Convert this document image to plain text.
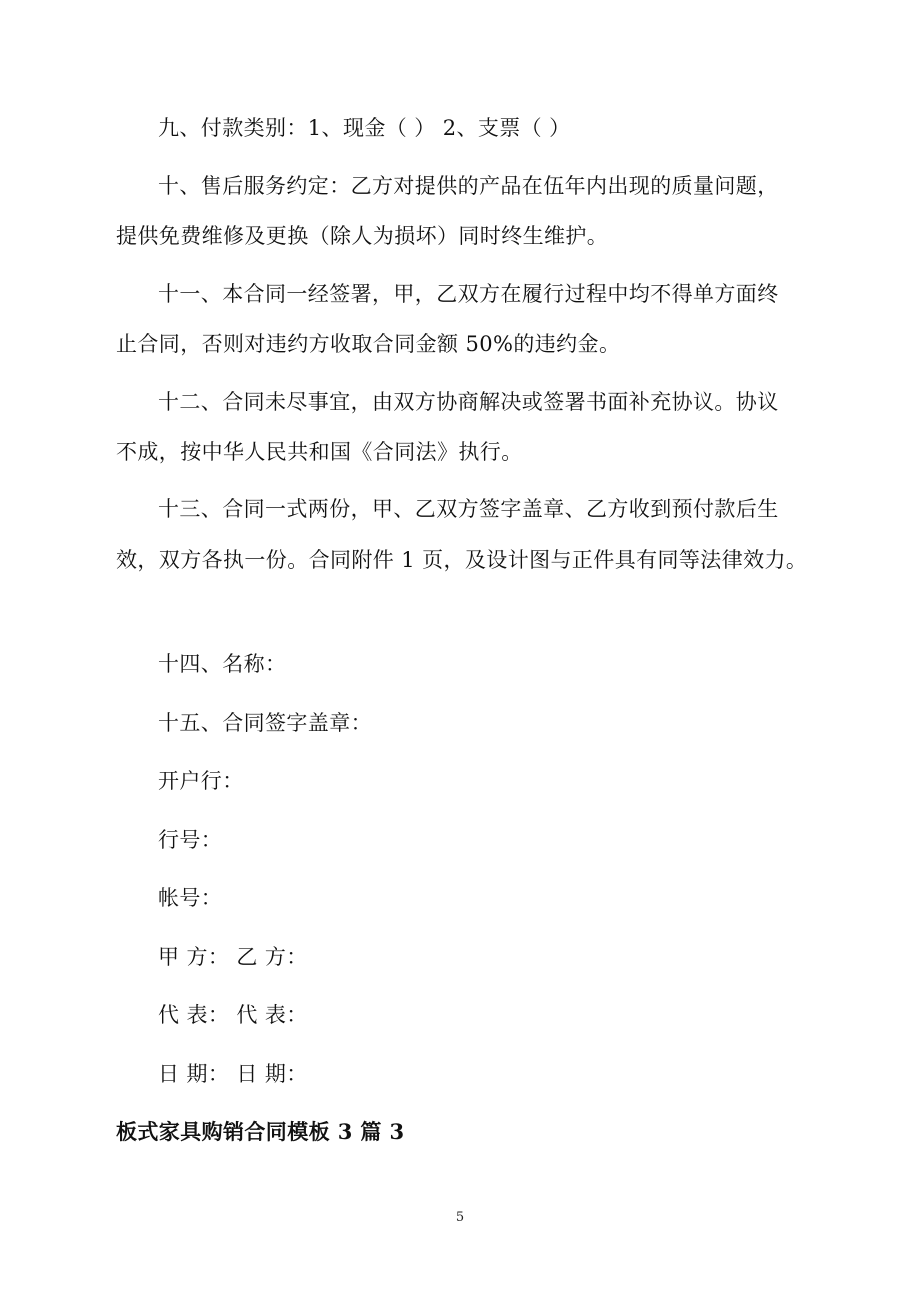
九、付款类别：1、现金（ ） 2、支票（ ）
十、售后服务约定：乙方对提供的产品在伍年内出现的质量问题，
提供免费维修及更换（除人为损坏）同时终生维护。
十一、本合同一经签署，甲，乙双方在履行过程中均不得单方面终
止合同，否则对违约方收取合同金额 50%的违约金。
十二、合同未尽事宜，由双方协商解决或签署书面补充协议。协议
不成，按中华人民共和国《合同法》执行。
十三、合同一式两份，甲、乙双方签字盖章、乙方收到预付款后生
效，双方各执一份。合同附件 1 页，及设计图与正件具有同等法律效力。
十四、名称：
十五、合同签字盖章：
开户行：
行号：
帐号：
甲 方： 乙 方：
代 表： 代 表：
日 期： 日 期：
板式家具购销合同模板 3 篇 3
5
